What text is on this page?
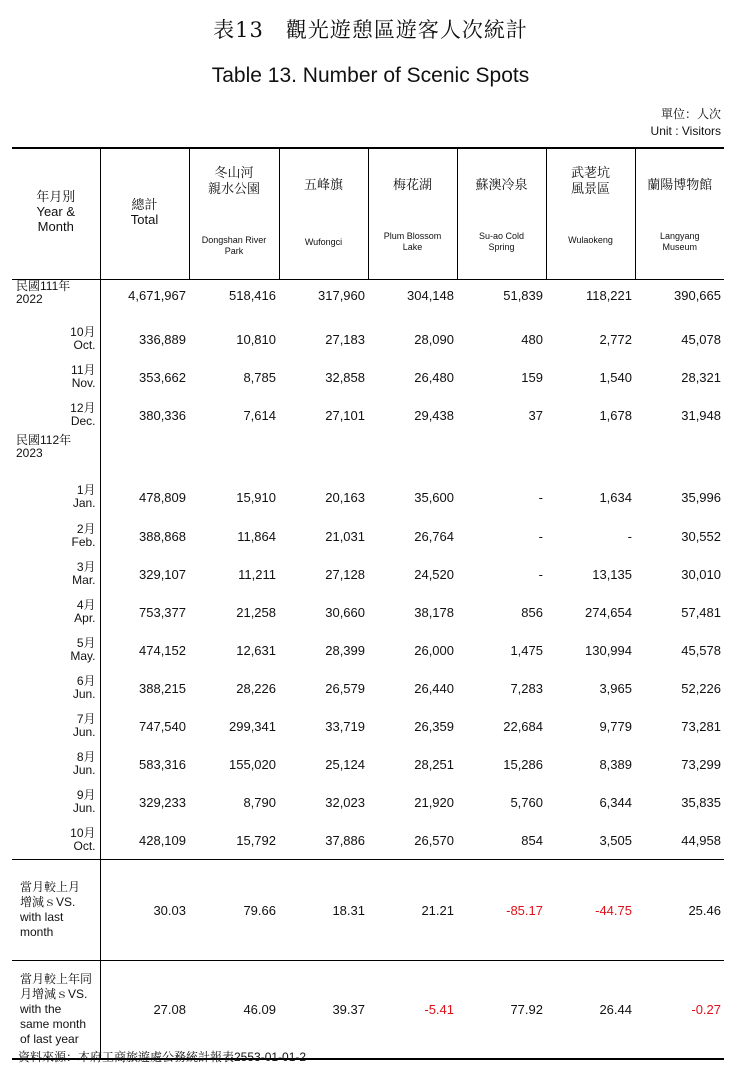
表13　觀光遊憩區遊客人次統計
Table 13. Number of Scenic Spots
單位：人次
Unit : Visitors
年月別
Year &
Month	總計
Total	冬山河
親水公園
Dongshan River
Park	五峰旗
Wufongci	梅花湖
Plum Blossom
Lake	蘇澳冷泉
Su-ao Cold
Spring	武荖坑
風景區
Wulaokeng	蘭陽博物館
Langyang
Museum

民國111年
2022	4,671,967	518,416	317,960	304,148	51,839	118,221	390,665
10月
Oct.	336,889	10,810	27,183	28,090	480	2,772	45,078
11月
Nov.	353,662	8,785	32,858	26,480	159	1,540	28,321
12月
Dec.	380,336	7,614	27,101	29,438	37	1,678	31,948
民國112年
2023							
1月
Jan.	478,809	15,910	20,163	35,600	-	1,634	35,996
2月
Feb.	388,868	11,864	21,031	26,764	-	-	30,552
3月
Mar.	329,107	11,211	27,128	24,520	-	13,135	30,010
4月
Apr.	753,377	21,258	30,660	38,178	856	274,654	57,481
5月
May.	474,152	12,631	28,399	26,000	1,475	130,994	45,578
6月
Jun.	388,215	28,226	26,579	26,440	7,283	3,965	52,226
7月
Jun.	747,540	299,341	33,719	26,359	22,684	9,779	73,281
8月
Jun.	583,316	155,020	25,124	28,251	15,286	8,389	73,299
9月
Jun.	329,233	8,790	32,023	21,920	5,760	6,344	35,835
10月
Oct.	428,109	15,792	37,886	26,570	854	3,505	44,958
當月較上月
增減ｓVS.
with last
month	30.03	79.66	18.31	21.21	-85.17	-44.75	25.46
當月較上年同
月增減ｓVS.
with the
same month
of last year	27.08	46.09	39.37	-5.41	77.92	26.44	-0.27
資料來源：本府工商旅遊處公務統計報表2553-01-01-2
